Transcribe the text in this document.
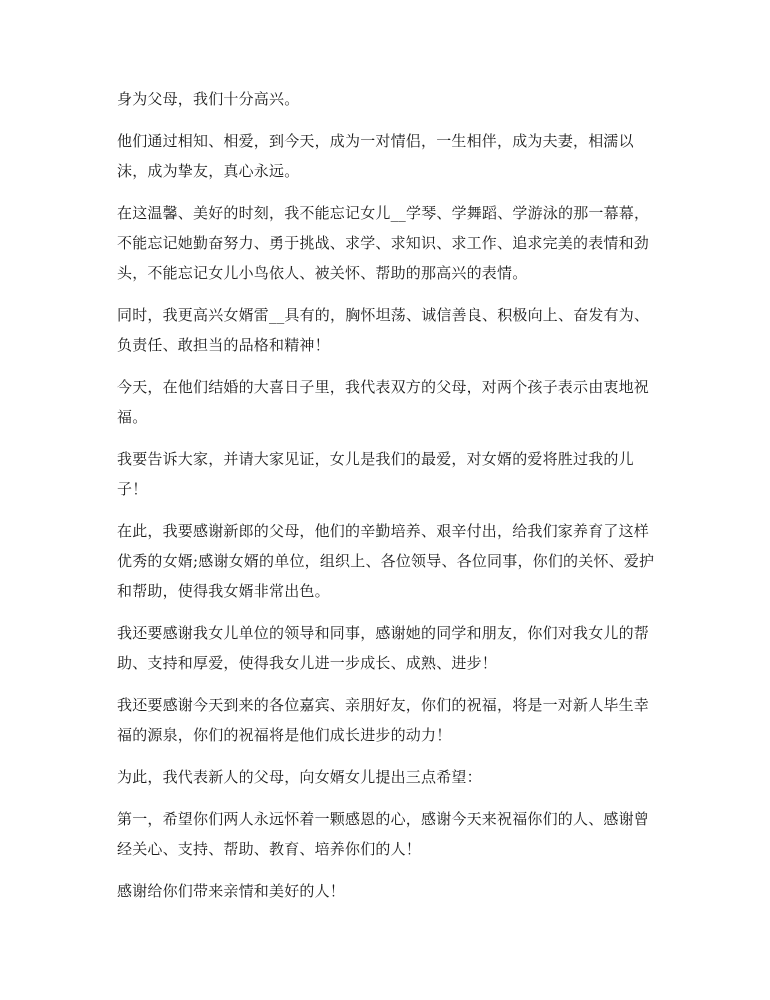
身为父母，我们十分高兴。

他们通过相知、相爱，到今天，成为一对情侣，一生相伴，成为夫妻，相濡以沫，成为挚友，真心永远。

在这温馨、美好的时刻，我不能忘记女儿__学琴、学舞蹈、学游泳的那一幕幕，不能忘记她勤奋努力、勇于挑战、求学、求知识、求工作、追求完美的表情和劲头，不能忘记女儿小鸟依人、被关怀、帮助的那高兴的表情。

同时，我更高兴女婿雷__具有的，胸怀坦荡、诚信善良、积极向上、奋发有为、负责任、敢担当的品格和精神！

今天，在他们结婚的大喜日子里，我代表双方的父母，对两个孩子表示由衷地祝福。

我要告诉大家，并请大家见证，女儿是我们的最爱，对女婿的爱将胜过我的儿子！

在此，我要感谢新郎的父母，他们的辛勤培养、艰辛付出，给我们家养育了这样优秀的女婿;感谢女婿的单位，组织上、各位领导、各位同事，你们的关怀、爱护和帮助，使得我女婿非常出色。

我还要感谢我女儿单位的领导和同事，感谢她的同学和朋友，你们对我女儿的帮助、支持和厚爱，使得我女儿进一步成长、成熟、进步！

我还要感谢今天到来的各位嘉宾、亲朋好友，你们的祝福，将是一对新人毕生幸福的源泉，你们的祝福将是他们成长进步的动力！

为此，我代表新人的父母，向女婿女儿提出三点希望：

第一，希望你们两人永远怀着一颗感恩的心，感谢今天来祝福你们的人、感谢曾经关心、支持、帮助、教育、培养你们的人！

感谢给你们带来亲情和美好的人！
